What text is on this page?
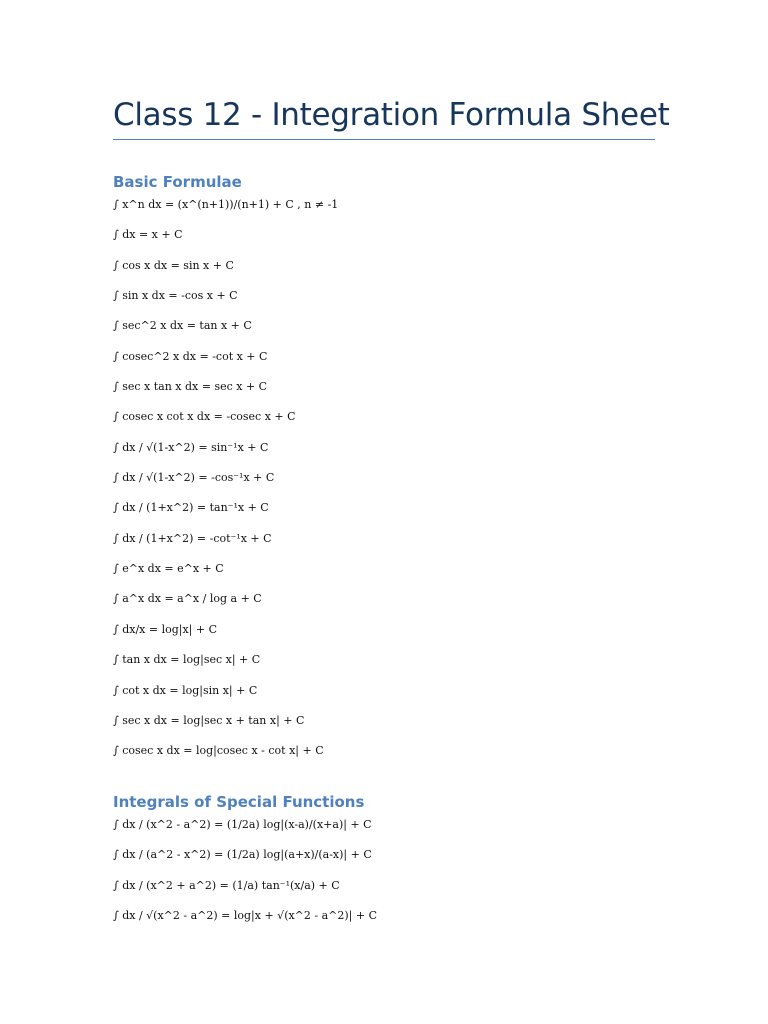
Class 12 - Integration Formula Sheet
Basic Formulae
∫ x^n dx = (x^(n+1))/(n+1) + C , n ≠ -1
∫ dx = x + C
∫ cos x dx = sin x + C
∫ sin x dx = -cos x + C
∫ sec^2 x dx = tan x + C
∫ cosec^2 x dx = -cot x + C
∫ sec x tan x dx = sec x + C
∫ cosec x cot x dx = -cosec x + C
∫ dx / √(1-x^2) = sin⁻¹x + C
∫ dx / √(1-x^2) = -cos⁻¹x + C
∫ dx / (1+x^2) = tan⁻¹x + C
∫ dx / (1+x^2) = -cot⁻¹x + C
∫ e^x dx = e^x + C
∫ a^x dx = a^x / log a + C
∫ dx/x = log|x| + C
∫ tan x dx = log|sec x| + C
∫ cot x dx = log|sin x| + C
∫ sec x dx = log|sec x + tan x| + C
∫ cosec x dx = log|cosec x - cot x| + C
Integrals of Special Functions
∫ dx / (x^2 - a^2) = (1/2a) log|(x-a)/(x+a)| + C
∫ dx / (a^2 - x^2) = (1/2a) log|(a+x)/(a-x)| + C
∫ dx / (x^2 + a^2) = (1/a) tan⁻¹(x/a) + C
∫ dx / √(x^2 - a^2) = log|x + √(x^2 - a^2)| + C
